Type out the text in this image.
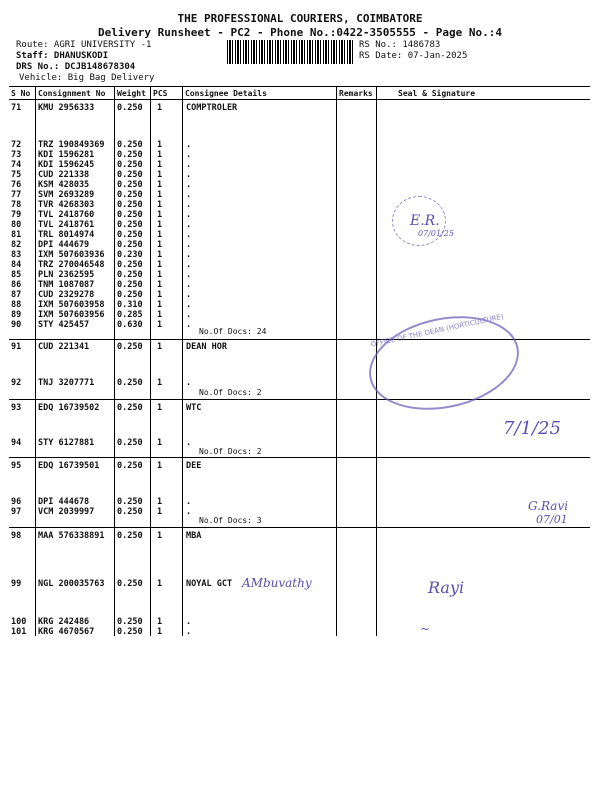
THE PROFESSIONAL COURIERS, COIMBATORE
Delivery Runsheet - PC2 - Phone No.:0422-3505555 - Page No.:4
Route: AGRI UNIVERSITY -1
Staff: DHANUSKODI
DRS No.: DCJB148678304
Vehicle: Big Bag Delivery
RS No.: 1486783
RS Date: 07-Jan-2025
S No Consignment No Weight PCS Consignee Details	Remarks	Seal & Signature
71 KMU 2956333	0.250 1	COMPTROLER
72 TRZ 190849369 0.250 1	.
73 KDI 1596281	0.250 1	.
74 KDI 1596245	0.250 1	.
75 CUD 221338	0.250 1	.
76 KSM 428035	0.250 1	.
77 SVM 2693289	0.250 1	.
78 TVR 4268303	0.250 1	.
79 TVL 2418760	0.250 1	.
80 TVL 2418761	0.250 1	.
81 TRL 8014974	0.250 1	.
82 DPI 444679	0.250 1	.
83 IXM 507603936 0.230 1	.
84 TRZ 270046548 0.250 1	.
85 PLN 2362595	0.250 1	.
86 TNM 1087087	0.250 1	.
87 CUD 2329278	0.250 1	.
88 IXM 507603958 0.310 1	.
89 IXM 507603956 0.285 1	.
90 STY 425457	0.630 1	.
91 CUD 221341	0.250 1	DEAN HOR
92 TNJ 3207771	0.250 1	.
93 EDQ 16739502 0.250 1	WTC
94 STY 6127881	0.250 1	.
95 EDQ 16739501 0.250 1	DEE
96 DPI 444678	0.250 1	.
97 VCM 2039997	0.250 1	.
98 MAA 576338891 0.250 1	MBA
99 NGL 200035763 0.250 1	NOYAL GCT
100 KRG 242486	0.250 1	.
101 KRG 4670567	0.250 1	.
No.Of Docs: 24
No.Of Docs: 2
No.Of Docs: 2
No.Of Docs: 3
OFFICE OF THE DEAN (HORTICULTURE)
E.R.
07/01/25
7/1/25
G.Ravi
07/01
AMbuvathy	Rayi
~
